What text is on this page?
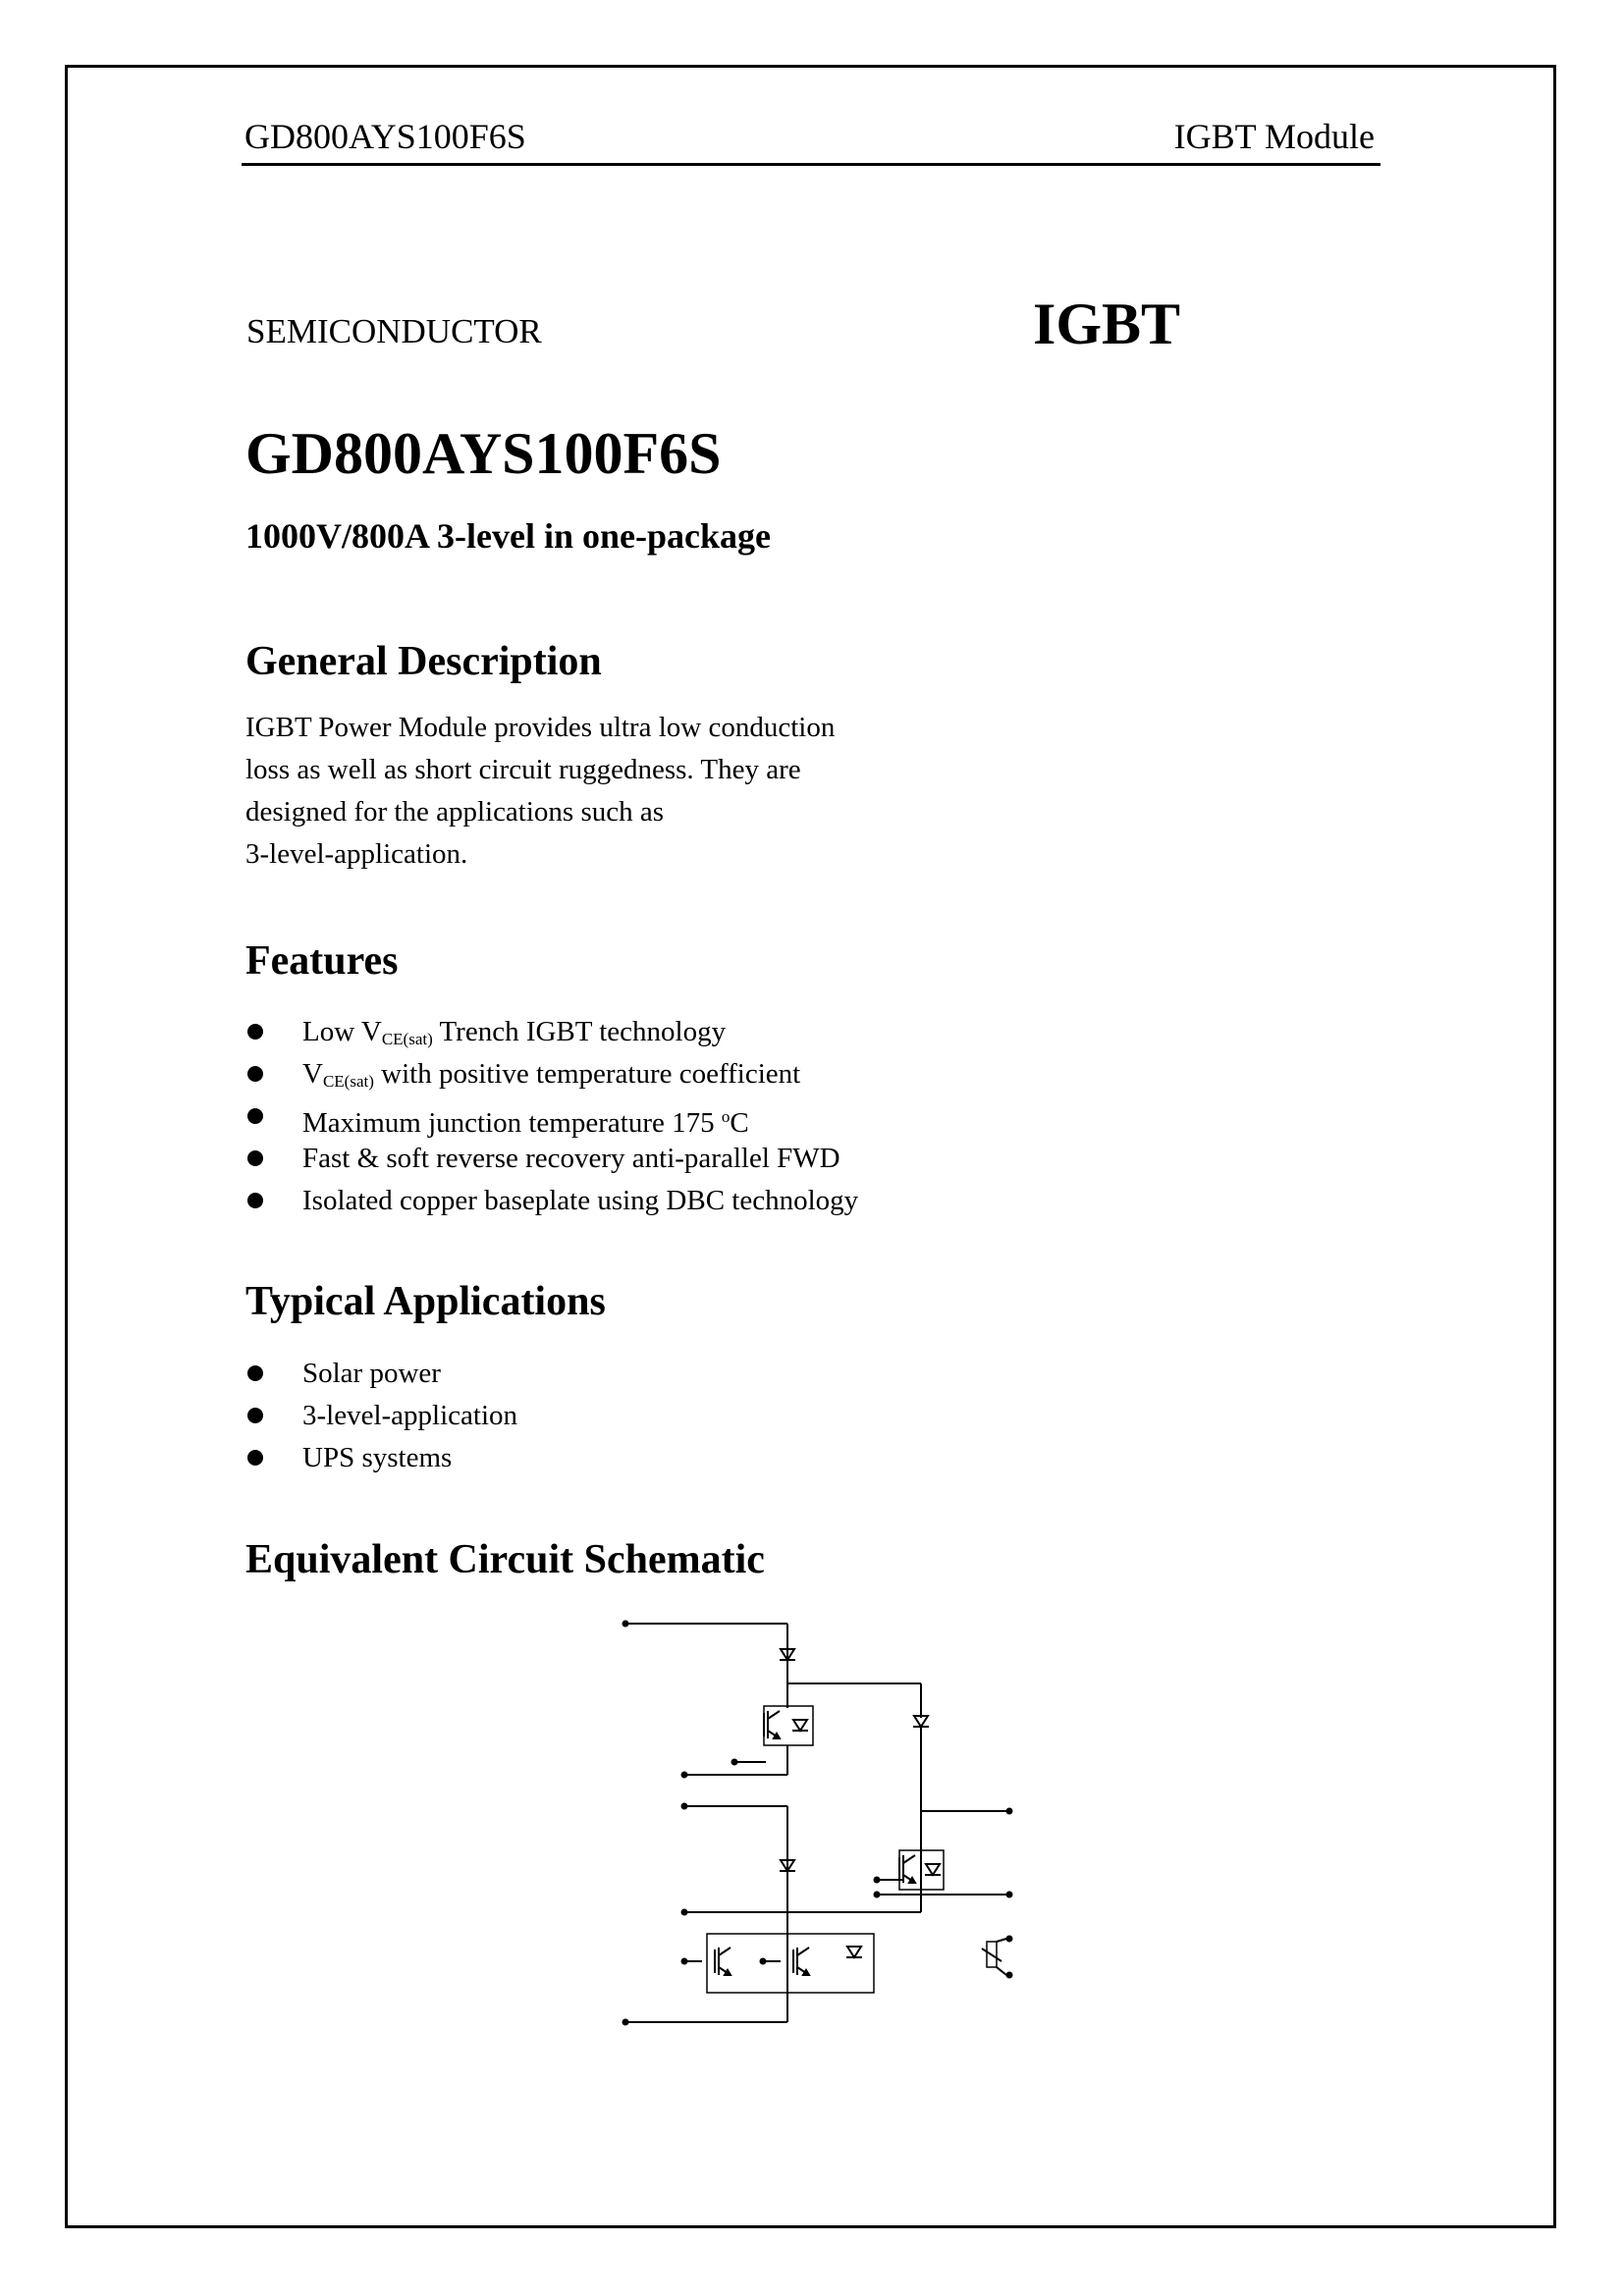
GD800AYS100F6S	IGBT Module
SEMICONDUCTOR	IGBT
GD800AYS100F6S
1000V/800A 3-level in one-package
General Description
IGBT Power Module provides ultra low conduction
loss as well as short circuit ruggedness. They are
designed for the applications such as
3-level-application.
Features
Low $V_{CE(sat)}$ Trench IGBT technology
$V_{CE(sat)}$ with positive temperature coefficient
Maximum junction temperature 175 $^o$C
Fast & soft reverse recovery anti-parallel FWD
Isolated copper baseplate using DBC technology
Typical Applications
Solar power
3-level-application
UPS systems
Equivalent Circuit Schematic
